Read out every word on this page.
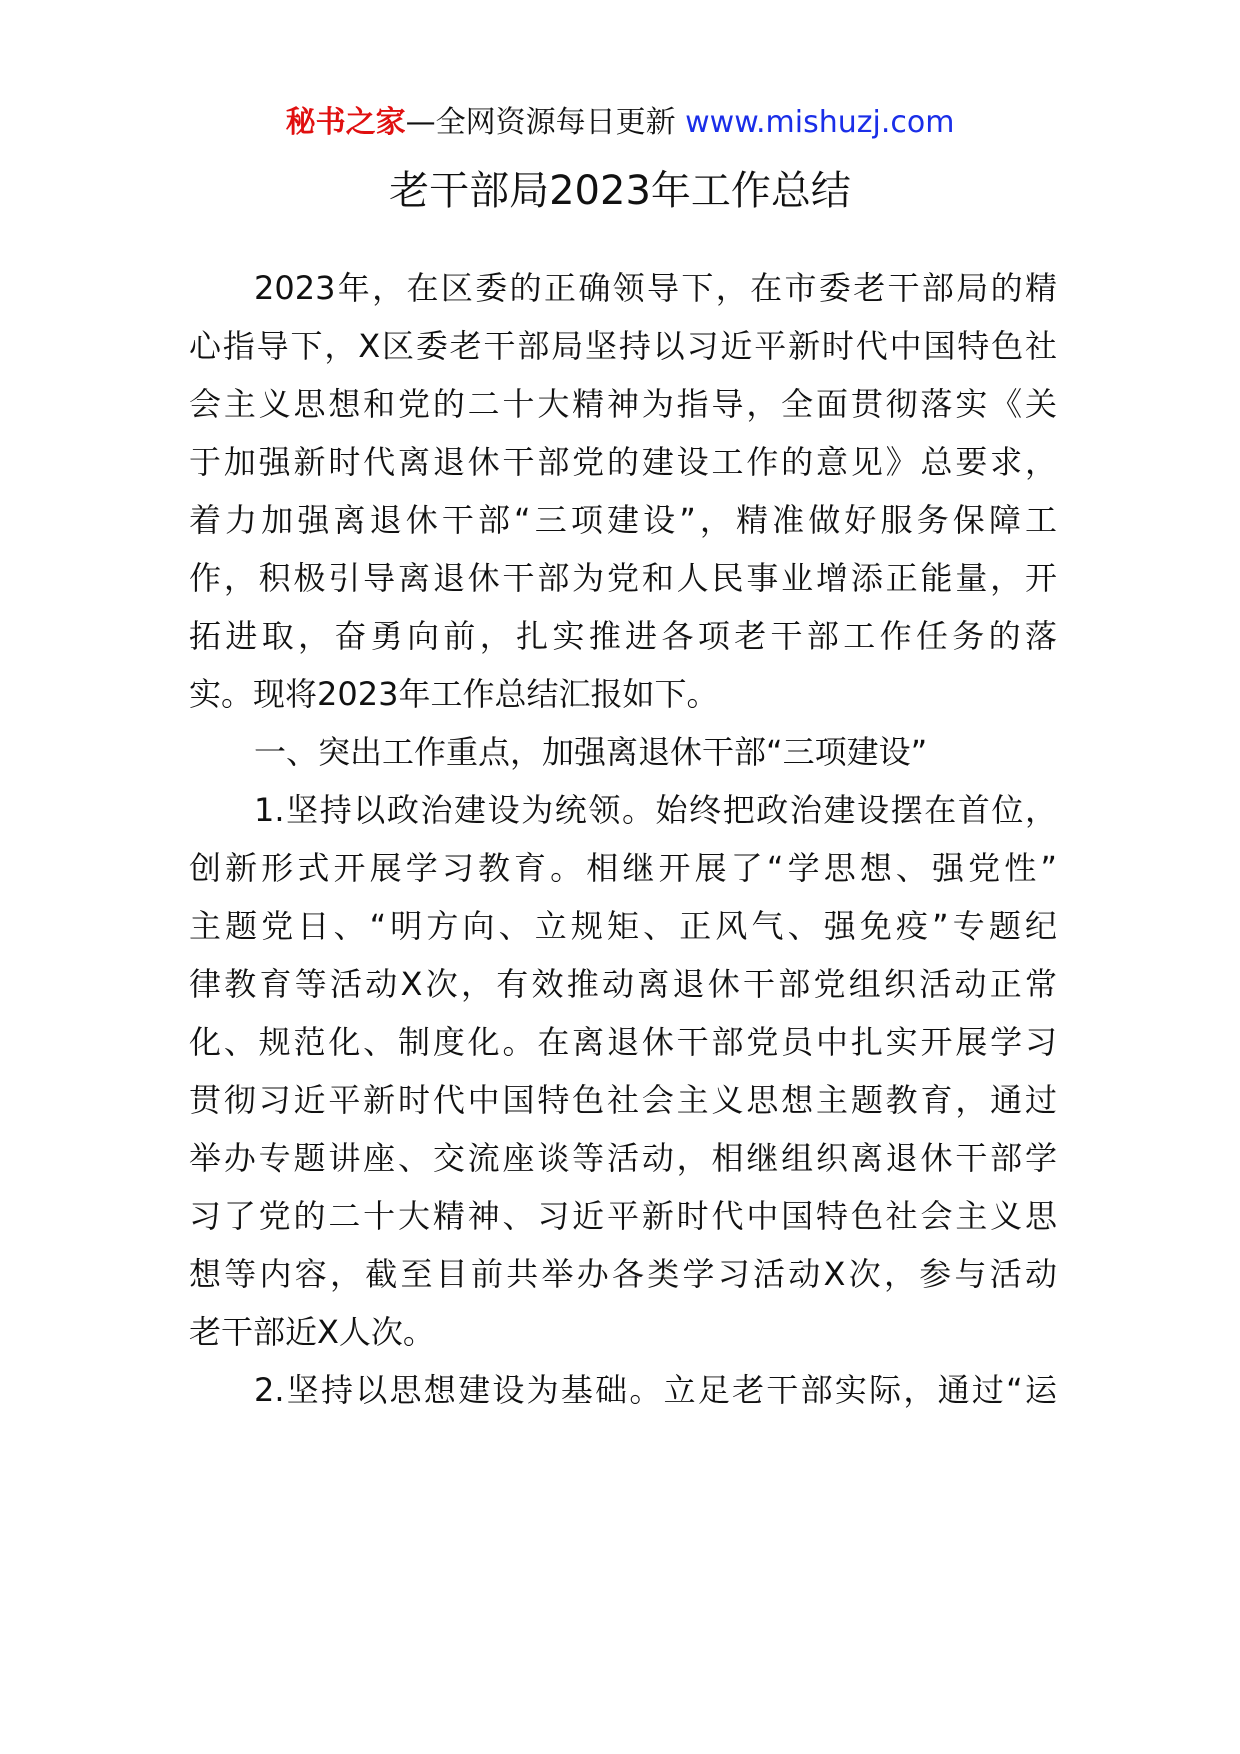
秘书之家—全网资源每日更新 www.mishuzj.com
老干部局2023年工作总结
2023年，在区委的正确领导下，在市委老干部局的精
心指导下，X区委老干部局坚持以习近平新时代中国特色社
会主义思想和党的二十大精神为指导，全面贯彻落实《关
于加强新时代离退休干部党的建设工作的意见》总要求，
着力加强离退休干部“三项建设”，精准做好服务保障工
作，积极引导离退休干部为党和人民事业增添正能量，开
拓进取，奋勇向前，扎实推进各项老干部工作任务的落
实。现将2023年工作总结汇报如下。
一、突出工作重点，加强离退休干部“三项建设”
1.坚持以政治建设为统领。始终把政治建设摆在首位，
创新形式开展学习教育。相继开展了“学思想、强党性”
主题党日、“明方向、立规矩、正风气、强免疫”专题纪
律教育等活动X次，有效推动离退休干部党组织活动正常
化、规范化、制度化。在离退休干部党员中扎实开展学习
贯彻习近平新时代中国特色社会主义思想主题教育，通过
举办专题讲座、交流座谈等活动，相继组织离退休干部学
习了党的二十大精神、习近平新时代中国特色社会主义思
想等内容，截至目前共举办各类学习活动X次，参与活动
老干部近X人次。
2.坚持以思想建设为基础。立足老干部实际，通过“运
